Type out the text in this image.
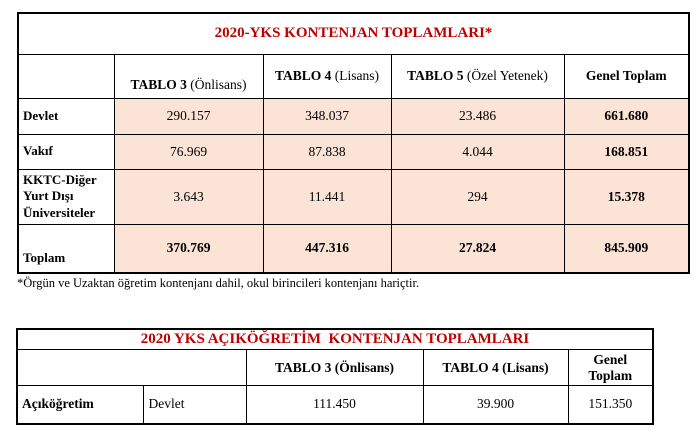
2020-YKS KONTENJAN TOPLAMLARI*				
	TABLO 3 (Önlisans)	TABLO 4 (Lisans)	TABLO 5 (Özel Yetenek)	Genel Toplam
Devlet	290.157	348.037	23.486	661.680
Vakıf	76.969	87.838	4.044	168.851
KKTC-Diğer Yurt Dışı Üniversiteler	3.643	11.441	294	15.378
Toplam	370.769	447.316	27.824	845.909
*Örgün ve Uzaktan öğretim kontenjanı dahil, okul birincileri kontenjanı hariçtir.
2020 YKS AÇIKÖĞRETİM  KONTENJAN TOPLAMLARI				
		TABLO 3 (Önlisans)	TABLO 4 (Lisans)	Genel Toplam
Açıköğretim	Devlet	111.450	39.900	151.350
